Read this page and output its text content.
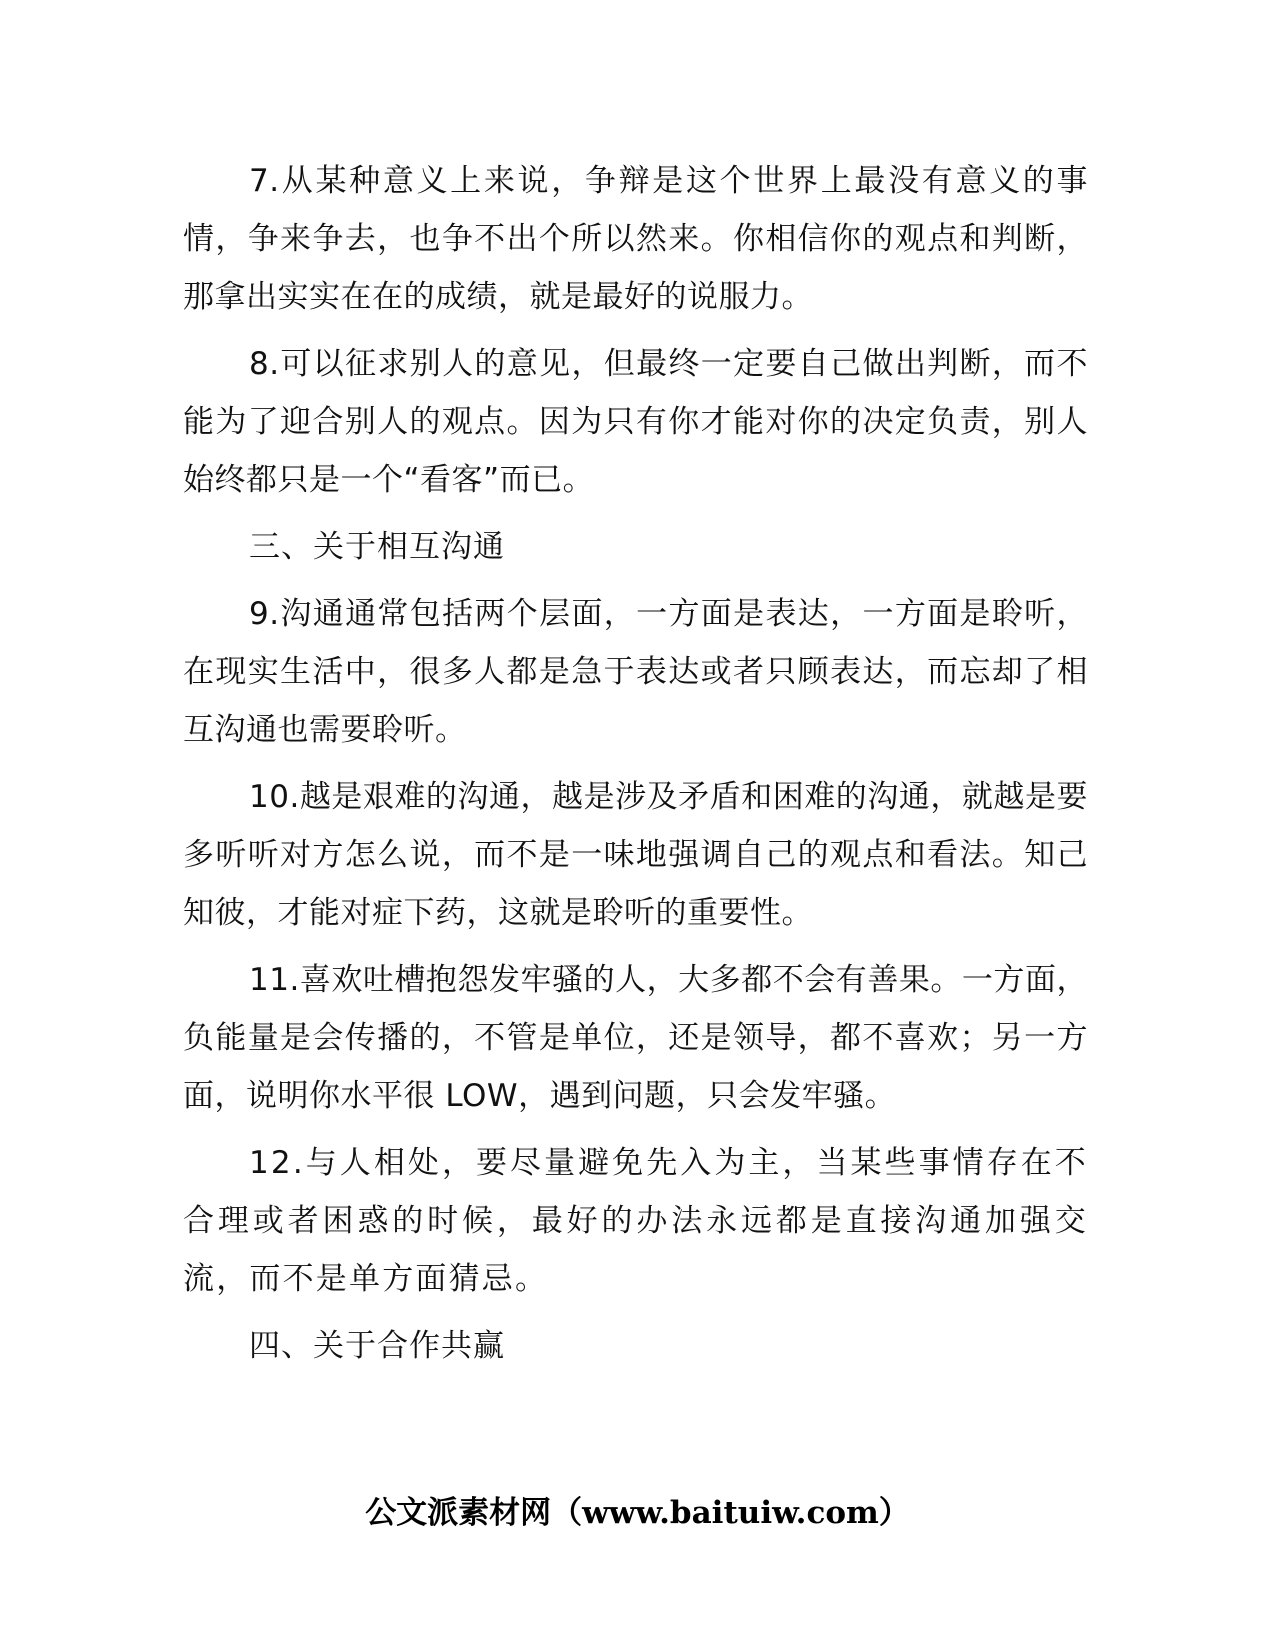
7.从某种意义上来说，争辩是这个世界上最没有意义的事情，争来争去，也争不出个所以然来。你相信你的观点和判断，那拿出实实在在的成绩，就是最好的说服力。

8.可以征求别人的意见，但最终一定要自己做出判断，而不能为了迎合别人的观点。因为只有你才能对你的决定负责，别人始终都只是一个“看客”而已。

三、关于相互沟通

9.沟通通常包括两个层面，一方面是表达，一方面是聆听，在现实生活中，很多人都是急于表达或者只顾表达，而忘却了相互沟通也需要聆听。

10.越是艰难的沟通，越是涉及矛盾和困难的沟通，就越是要多听听对方怎么说，而不是一味地强调自己的观点和看法。知己知彼，才能对症下药，这就是聆听的重要性。

11.喜欢吐槽抱怨发牢骚的人，大多都不会有善果。一方面，负能量是会传播的，不管是单位，还是领导，都不喜欢；另一方面，说明你水平很 LOW，遇到问题，只会发牢骚。

12.与人相处，要尽量避免先入为主，当某些事情存在不合理或者困惑的时候，最好的办法永远都是直接沟通加强交流，而不是单方面猜忌。

四、关于合作共赢

公文派素材网（www.baituiw.com）
